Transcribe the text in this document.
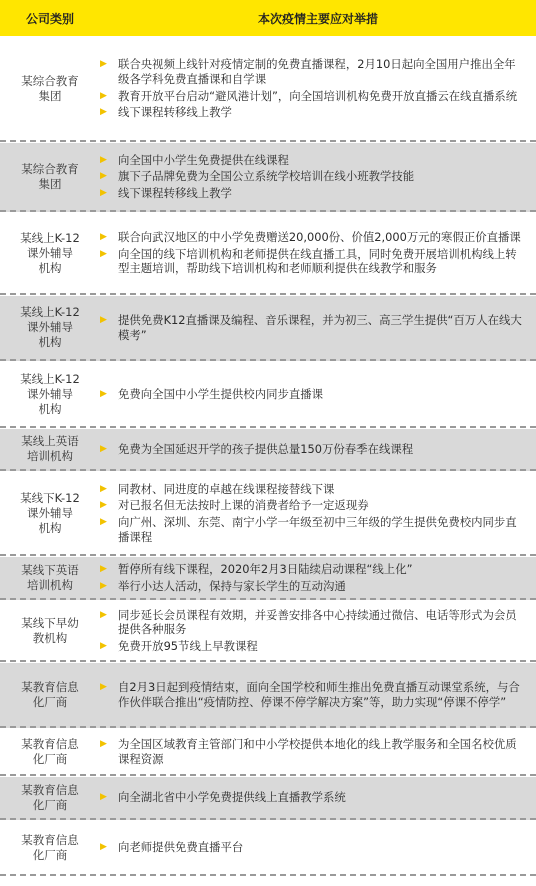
公司类别	本次疫情主要应对举措
某综合教育
集团
▶ 联合央视频上线针对疫情定制的免费直播课程，2月10日起向全国用户推出全年级各学科免费直播课和自学课
▶ 教育开放平台启动“避风港计划”，向全国培训机构免费开放直播云在线直播系统
▶ 线下课程转移线上教学
某综合教育
集团
▶ 向全国中小学生免费提供在线课程
▶ 旗下子品牌免费为全国公立系统学校培训在线小班教学技能
▶ 线下课程转移线上教学
某线上K-12
课外辅导
机构
▶ 联合向武汉地区的中小学免费赠送20,000份、价值2,000万元的寒假正价直播课
▶ 向全国的线下培训机构和老师提供在线直播工具，同时免费开展培训机构线上转型主题培训，帮助线下培训机构和老师顺利提供在线教学和服务
某线上K-12
课外辅导
机构
▶ 提供免费K12直播课及编程、音乐课程，并为初三、高三学生提供“百万人在线大模考”
某线上K-12
课外辅导
机构
▶ 免费向全国中小学生提供校内同步直播课
某线上英语
培训机构
▶ 免费为全国延迟开学的孩子提供总量150万份春季在线课程
某线下K-12
课外辅导
机构
▶ 同教材、同进度的卓越在线课程接替线下课
▶ 对已报名但无法按时上课的消费者给予一定返现券
▶ 向广州、深圳、东莞、南宁小学一年级至初中三年级的学生提供免费校内同步直播课程
某线下英语
培训机构
▶ 暂停所有线下课程，2020年2月3日陆续启动课程“线上化”
▶ 举行小达人活动，保持与家长学生的互动沟通
某线下早幼
教机构
▶ 同步延长会员课程有效期，并妥善安排各中心持续通过微信、电话等形式为会员提供各种服务
▶ 免费开放95节线上早教课程
某教育信息
化厂商
▶ 自2月3日起到疫情结束，面向全国学校和师生推出免费直播互动课堂系统，与合作伙伴联合推出“疫情防控、停课不停学解决方案”等，助力实现“停课不停学”
某教育信息
化厂商
▶ 为全国区域教育主管部门和中小学校提供本地化的线上教学服务和全国名校优质课程资源
某教育信息
化厂商
▶ 向全湖北省中小学免费提供线上直播教学系统
某教育信息
化厂商
▶ 向老师提供免费直播平台
